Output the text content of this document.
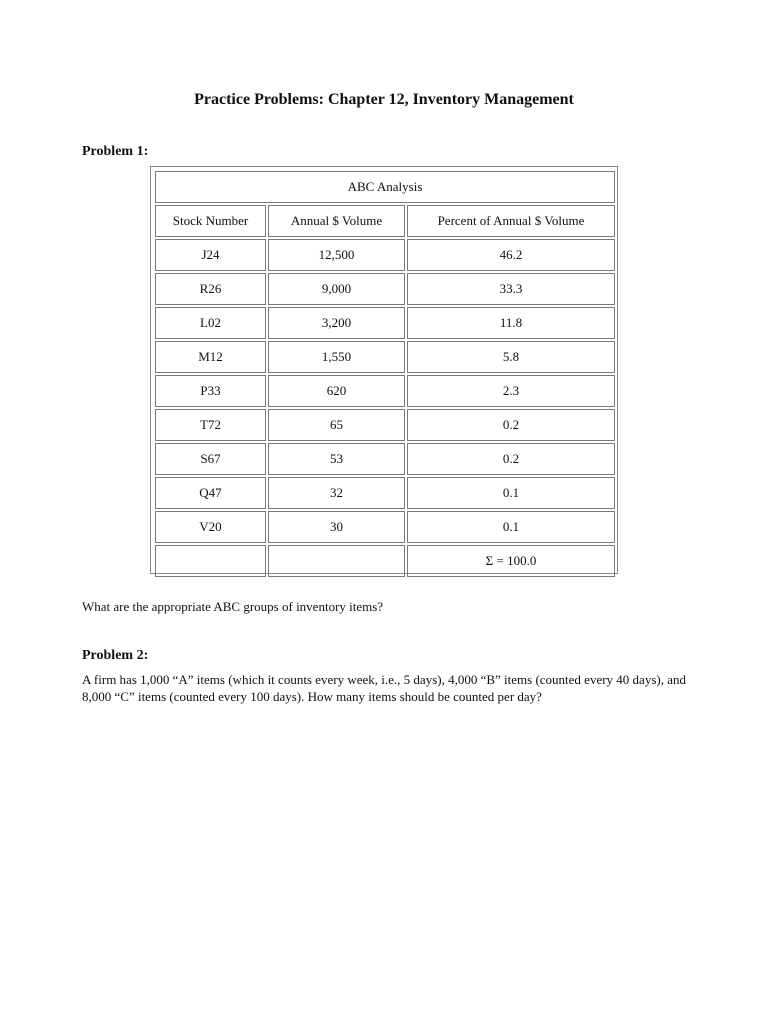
Practice Problems: Chapter 12, Inventory Management
Problem 1:
ABC Analysis		
Stock Number	Annual $ Volume	Percent of Annual $ Volume
J24	12,500	46.2
R26	9,000	33.3
L02	3,200	11.8
M12	1,550	5.8
P33	620	2.3
T72	65	0.2
S67	53	0.2
Q47	32	0.1
V20	30	0.1
		Σ = 100.0
What are the appropriate ABC groups of inventory items?
Problem 2:
A firm has 1,000 “A” items (which it counts every week, i.e., 5 days), 4,000 “B” items (counted every 40 days), and 8,000 “C” items (counted every 100 days). How many items should be counted per day?
